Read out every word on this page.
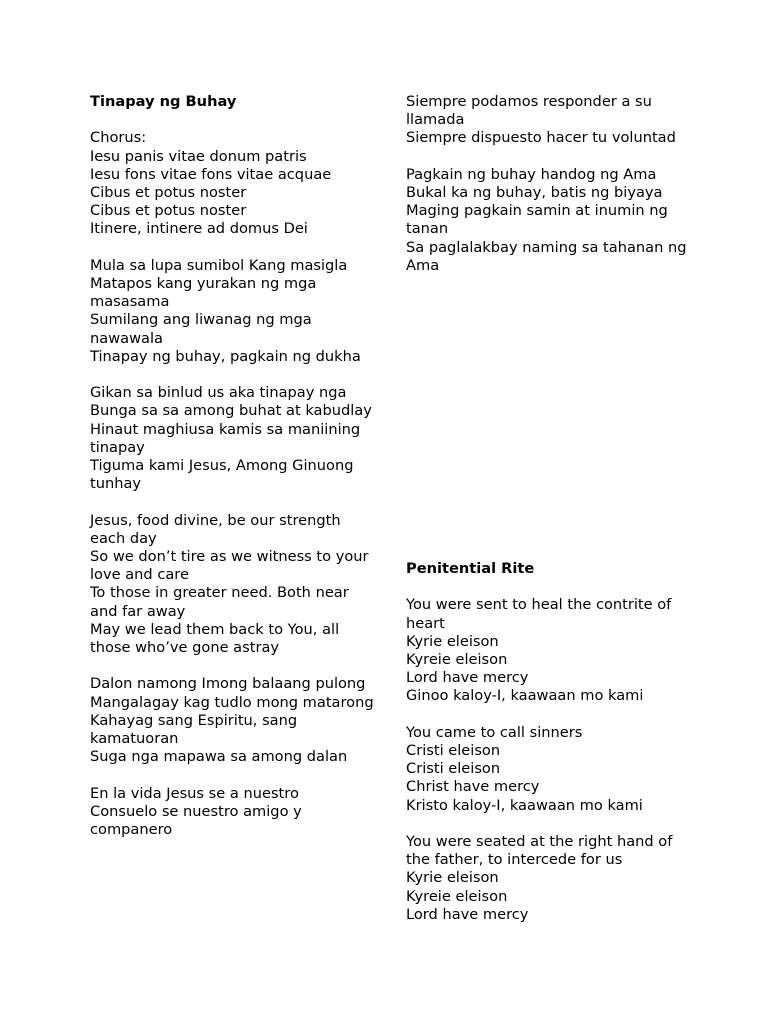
Tinapay ng Buhay
Chorus:
Iesu panis vitae donum patris
Iesu fons vitae fons vitae acquae
Cibus et potus noster
Cibus et potus noster
Itinere, intinere ad domus Dei
Mula sa lupa sumibol Kang masigla
Matapos kang yurakan ng mga masasama
Sumilang ang liwanag ng mga nawawala
Tinapay ng buhay, pagkain ng dukha
Gikan sa binlud us aka tinapay nga
Bunga sa sa among buhat at kabudlay
Hinaut maghiusa kamis sa maniining tinapay
Tiguma kami Jesus, Among Ginuong tunhay
Jesus, food divine, be our strength each day
So we don’t tire as we witness to your love and care
To those in greater need. Both near and far away
May we lead them back to You, all those who’ve gone astray
Dalon namong Imong balaang pulong
Mangalagay kag tudlo mong matarong
Kahayag sang Espiritu, sang kamatuoran
Suga nga mapawa sa among dalan
En la vida Jesus se a nuestro
Consuelo se nuestro amigo y companero
Siempre podamos responder a su llamada
Siempre dispuesto hacer tu voluntad
Pagkain ng buhay handog ng Ama
Bukal ka ng buhay, batis ng biyaya
Maging pagkain samin at inumin ng tanan
Sa paglalakbay naming sa tahanan ng Ama
Penitential Rite
You were sent to heal the contrite of heart
Kyrie eleison
Kyreie eleison
Lord have mercy
Ginoo kaloy-I, kaawaan mo kami
You came to call sinners
Cristi eleison
Cristi eleison
Christ have mercy
Kristo kaloy-I, kaawaan mo kami
You were seated at the right hand of the father, to intercede for us
Kyrie eleison
Kyreie eleison
Lord have mercy
